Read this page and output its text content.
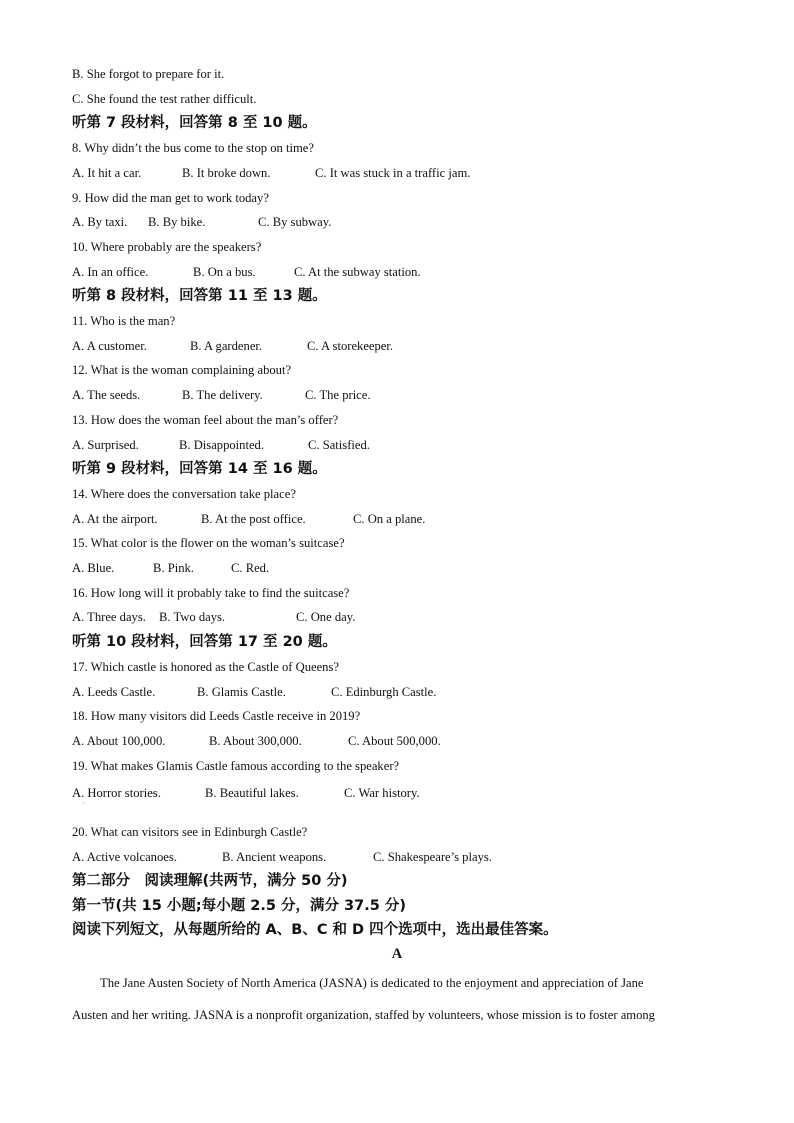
B. She forgot to prepare for it.
C. She found the test rather difficult.
听第 7 段材料，回答第 8 至 10 题。
8. Why didn’t the bus come to the stop on time?
A. It hit a car.	B. It broke down.	C. It was stuck in a traffic jam.
9. How did the man get to work today?
A. By taxi. B. By bike.	C. By subway.
10. Where probably are the speakers?
A. In an office.	B. On a bus.	C. At the subway station.
听第 8 段材料，回答第 11 至 13 题。
11. Who is the man?
A. A customer.	B. A gardener.	C. A storekeeper.
12. What is the woman complaining about?
A. The seeds.	B. The delivery.	C. The price.
13. How does the woman feel about the man’s offer?
A. Surprised.	B. Disappointed.	C. Satisfied.
听第 9 段材料，回答第 14 至 16 题。
14. Where does the conversation take place?
A. At the airport.	B. At the post office.	C. On a plane.
15. What color is the flower on the woman’s suitcase?
A. Blue.	B. Pink.	C. Red.
16. How long will it probably take to find the suitcase?
A. Three days. B. Two days.	C. One day.
听第 10 段材料，回答第 17 至 20 题。
17. Which castle is honored as the Castle of Queens?
A. Leeds Castle.	B. Glamis Castle.	C. Edinburgh Castle.
18. How many visitors did Leeds Castle receive in 2019?
A. About 100,000.	B. About 300,000.	C. About 500,000.
19. What makes Glamis Castle famous according to the speaker?
A. Horror stories.	B. Beautiful lakes.	C. War history.
·
20. What can visitors see in Edinburgh Castle?
A. Active volcanoes.	B. Ancient weapons.	C. Shakespeare’s plays.
第二部分　阅读理解(共两节，满分 50 分)
第一节(共 15 小题;每小题 2.5 分，满分 37.5 分)
阅读下列短文，从每题所给的 A、B、C 和 D 四个选项中，选出最佳答案。
A
The Jane Austen Society of North America (JASNA) is dedicated to the enjoyment and appreciation of Jane
Austen and her writing. JASNA is a nonprofit organization, staffed by volunteers, whose mission is to foster among
